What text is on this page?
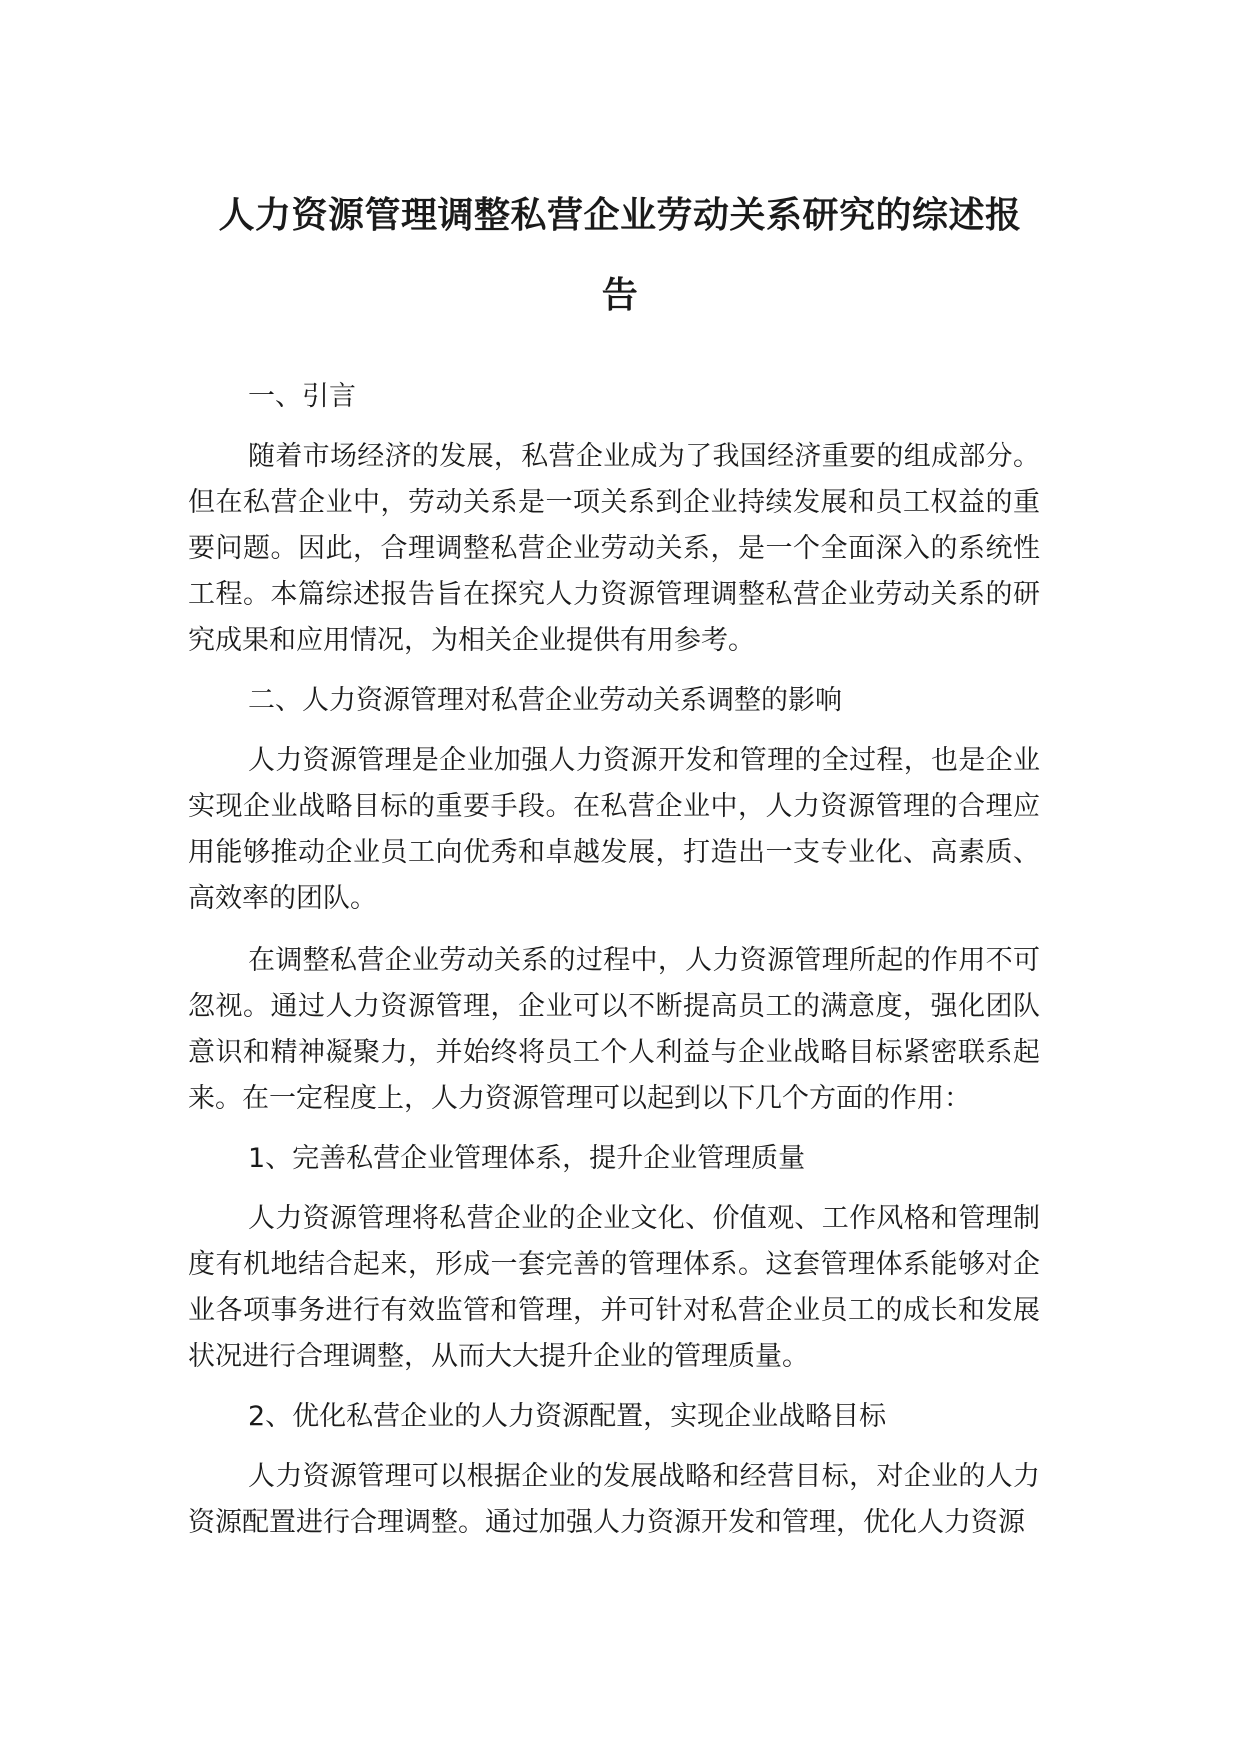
人力资源管理调整私营企业劳动关系研究的综述报
告
一、引言

随着市场经济的发展，私营企业成为了我国经济重要的组成部分。但在私营企业中，劳动关系是一项关系到企业持续发展和员工权益的重要问题。因此，合理调整私营企业劳动关系，是一个全面深入的系统性工程。本篇综述报告旨在探究人力资源管理调整私营企业劳动关系的研究成果和应用情况，为相关企业提供有用参考。

二、人力资源管理对私营企业劳动关系调整的影响

人力资源管理是企业加强人力资源开发和管理的全过程，也是企业实现企业战略目标的重要手段。在私营企业中，人力资源管理的合理应用能够推动企业员工向优秀和卓越发展，打造出一支专业化、高素质、高效率的团队。

在调整私营企业劳动关系的过程中，人力资源管理所起的作用不可忽视。通过人力资源管理，企业可以不断提高员工的满意度，强化团队意识和精神凝聚力，并始终将员工个人利益与企业战略目标紧密联系起来。在一定程度上，人力资源管理可以起到以下几个方面的作用：

1、完善私营企业管理体系，提升企业管理质量

人力资源管理将私营企业的企业文化、价值观、工作风格和管理制度有机地结合起来，形成一套完善的管理体系。这套管理体系能够对企业各项事务进行有效监管和管理，并可针对私营企业员工的成长和发展状况进行合理调整，从而大大提升企业的管理质量。

2、优化私营企业的人力资源配置，实现企业战略目标

人力资源管理可以根据企业的发展战略和经营目标，对企业的人力资源配置进行合理调整。通过加强人力资源开发和管理，优化人力资源
